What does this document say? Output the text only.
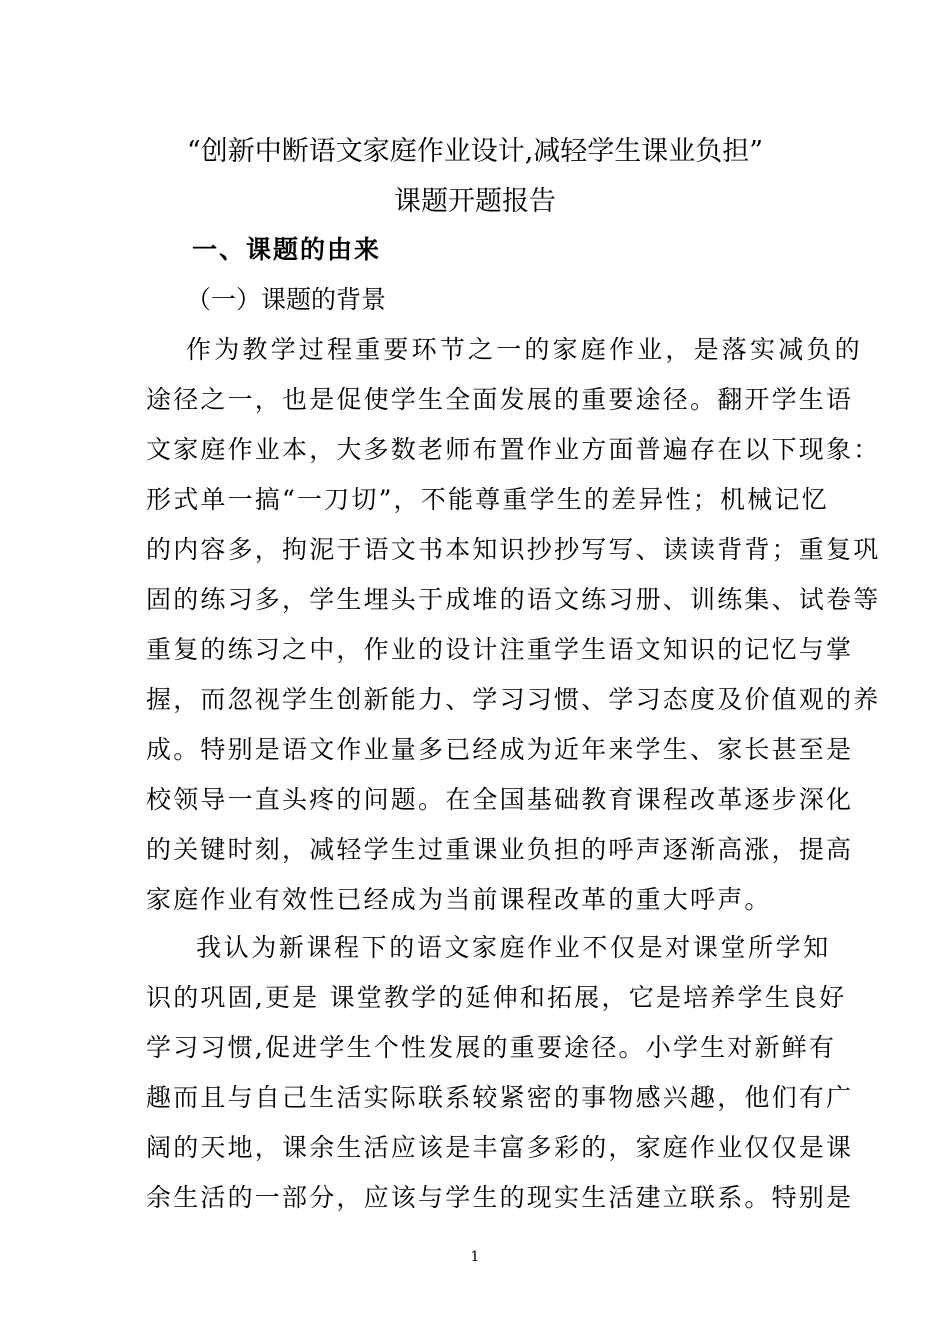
“创新中断语文家庭作业设计,减轻学生课业负担”
课题开题报告
一、课题的由来
（一）课题的背景
作为教学过程重要环节之一的家庭作业，是落实减负的
途径之一，也是促使学生全面发展的重要途径。翻开学生语
文家庭作业本，大多数老师布置作业方面普遍存在以下现象：
形式单一搞“一刀切”，不能尊重学生的差异性；机械记忆
的内容多，拘泥于语文书本知识抄抄写写、读读背背；重复巩
固的练习多，学生埋头于成堆的语文练习册、训练集、试卷等
重复的练习之中，作业的设计注重学生语文知识的记忆与掌
握，而忽视学生创新能力、学习习惯、学习态度及价值观的养
成。特别是语文作业量多已经成为近年来学生、家长甚至是
校领导一直头疼的问题。在全国基础教育课程改革逐步深化
的关键时刻，减轻学生过重课业负担的呼声逐渐高涨，提高
家庭作业有效性已经成为当前课程改革的重大呼声。
我认为新课程下的语文家庭作业不仅是对课堂所学知
识的巩固,更是 课堂教学的延伸和拓展，它是培养学生良好
学习习惯,促进学生个性发展的重要途径。小学生对新鲜有
趣而且与自己生活实际联系较紧密的事物感兴趣，他们有广
阔的天地，课余生活应该是丰富多彩的，家庭作业仅仅是课
余生活的一部分，应该与学生的现实生活建立联系。特别是
1
